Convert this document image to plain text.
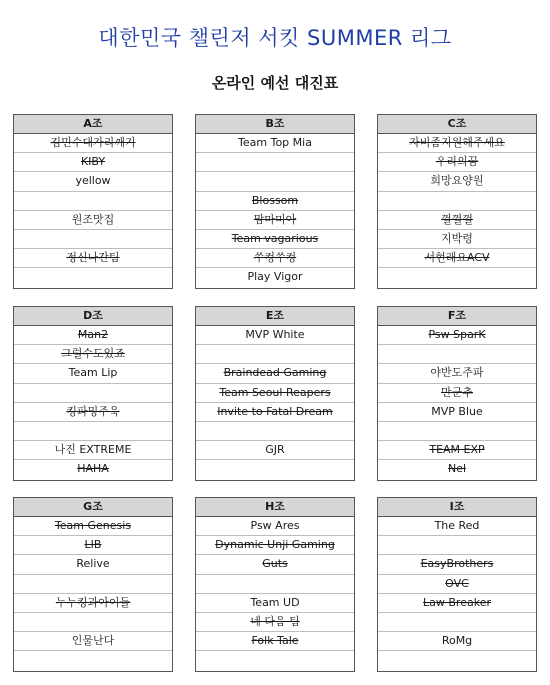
대한민국 챌린저 서킷 SUMMER 리그
온라인 예선 대진표
A조
김민수대가리깨기
KIBY
yellow
원조맛집
정신나간팀
B조
Team Top Mia
Blossom
맘마미아
Team vagarious
쑤컹쑤컹
Play Vigor
C조
자비좀지원해주세요
우리의꿈
희망요양원
껄껄껄
지박령
서현래요ACV
D조
Man2
그럴수도있죠
Team Lip
킹파밍주욱
나진 EXTREME
HAHA
E조
MVP White
Braindead Gaming
Team Seoul Reapers
Invite to Fatal Dream
GJR
F조
Psw SparK
야반도주파
만군추
MVP Blue
TEAM EXP
Nel
G조
Team Genesis
LIB
Relive
누누킹과아이들
인물난다
H조
Psw Ares
Dynamic Unji Gaming
Guts
Team UD
네 다음 팀
Folk Tale
I조
The Red
EasyBrothers
OVC
Law Breaker
RoMg
